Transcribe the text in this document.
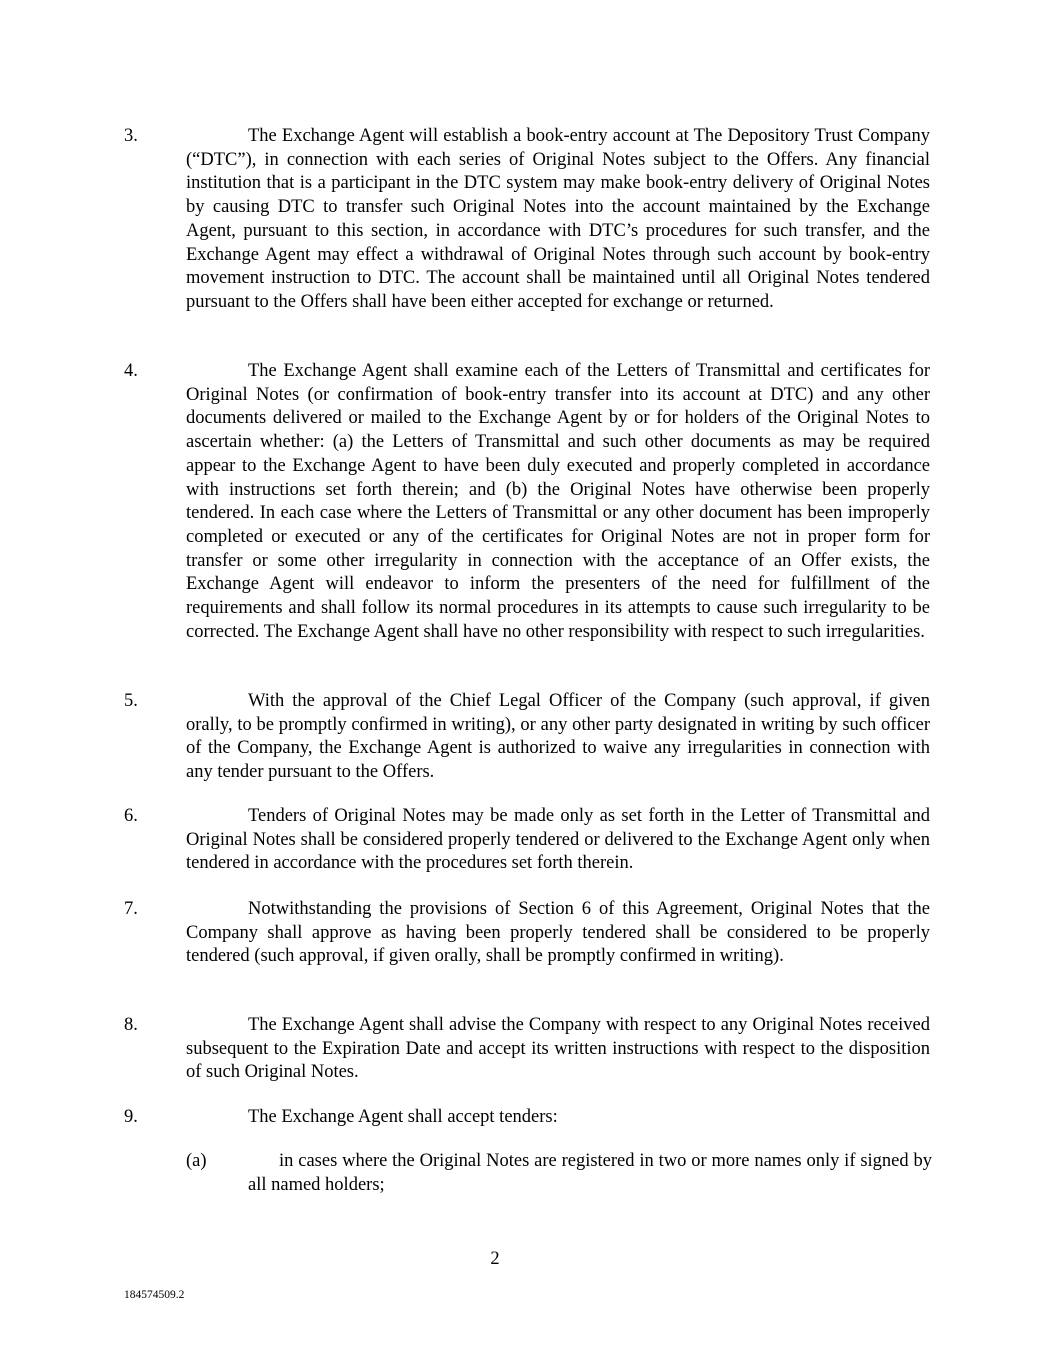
3.	The Exchange Agent will establish a book-entry account at The Depository Trust Company (“DTC”), in connection with each series of Original Notes subject to the Offers. Any financial institution that is a participant in the DTC system may make book-entry delivery of Original Notes by causing DTC to transfer such Original Notes into the account maintained by the Exchange Agent, pursuant to this section, in accordance with DTC’s procedures for such transfer, and the Exchange Agent may effect a withdrawal of Original Notes through such account by book-entry movement instruction to DTC. The account shall be maintained until all Original Notes tendered pursuant to the Offers shall have been either accepted for exchange or returned.
4.	The Exchange Agent shall examine each of the Letters of Transmittal and certificates for Original Notes (or confirmation of book-entry transfer into its account at DTC) and any other documents delivered or mailed to the Exchange Agent by or for holders of the Original Notes to ascertain whether: (a) the Letters of Transmittal and such other documents as may be required appear to the Exchange Agent to have been duly executed and properly completed in accordance with instructions set forth therein; and (b) the Original Notes have otherwise been properly tendered. In each case where the Letters of Transmittal or any other document has been improperly completed or executed or any of the certificates for Original Notes are not in proper form for transfer or some other irregularity in connection with the acceptance of an Offer exists, the Exchange Agent will endeavor to inform the presenters of the need for fulfillment of the requirements and shall follow its normal procedures in its attempts to cause such irregularity to be corrected. The Exchange Agent shall have no other responsibility with respect to such irregularities.
5.	With the approval of the Chief Legal Officer of the Company (such approval, if given orally, to be promptly confirmed in writing), or any other party designated in writing by such officer of the Company, the Exchange Agent is authorized to waive any irregularities in connection with any tender pursuant to the Offers.
6.	Tenders of Original Notes may be made only as set forth in the Letter of Transmittal and Original Notes shall be considered properly tendered or delivered to the Exchange Agent only when tendered in accordance with the procedures set forth therein.
7.	Notwithstanding the provisions of Section 6 of this Agreement, Original Notes that the Company shall approve as having been properly tendered shall be considered to be properly tendered (such approval, if given orally, shall be promptly confirmed in writing).
8.	The Exchange Agent shall advise the Company with respect to any Original Notes received subsequent to the Expiration Date and accept its written instructions with respect to the disposition of such Original Notes.
9.	The Exchange Agent shall accept tenders:
(a)	in cases where the Original Notes are registered in two or more names only if signed by all named holders;
2
184574509.2
